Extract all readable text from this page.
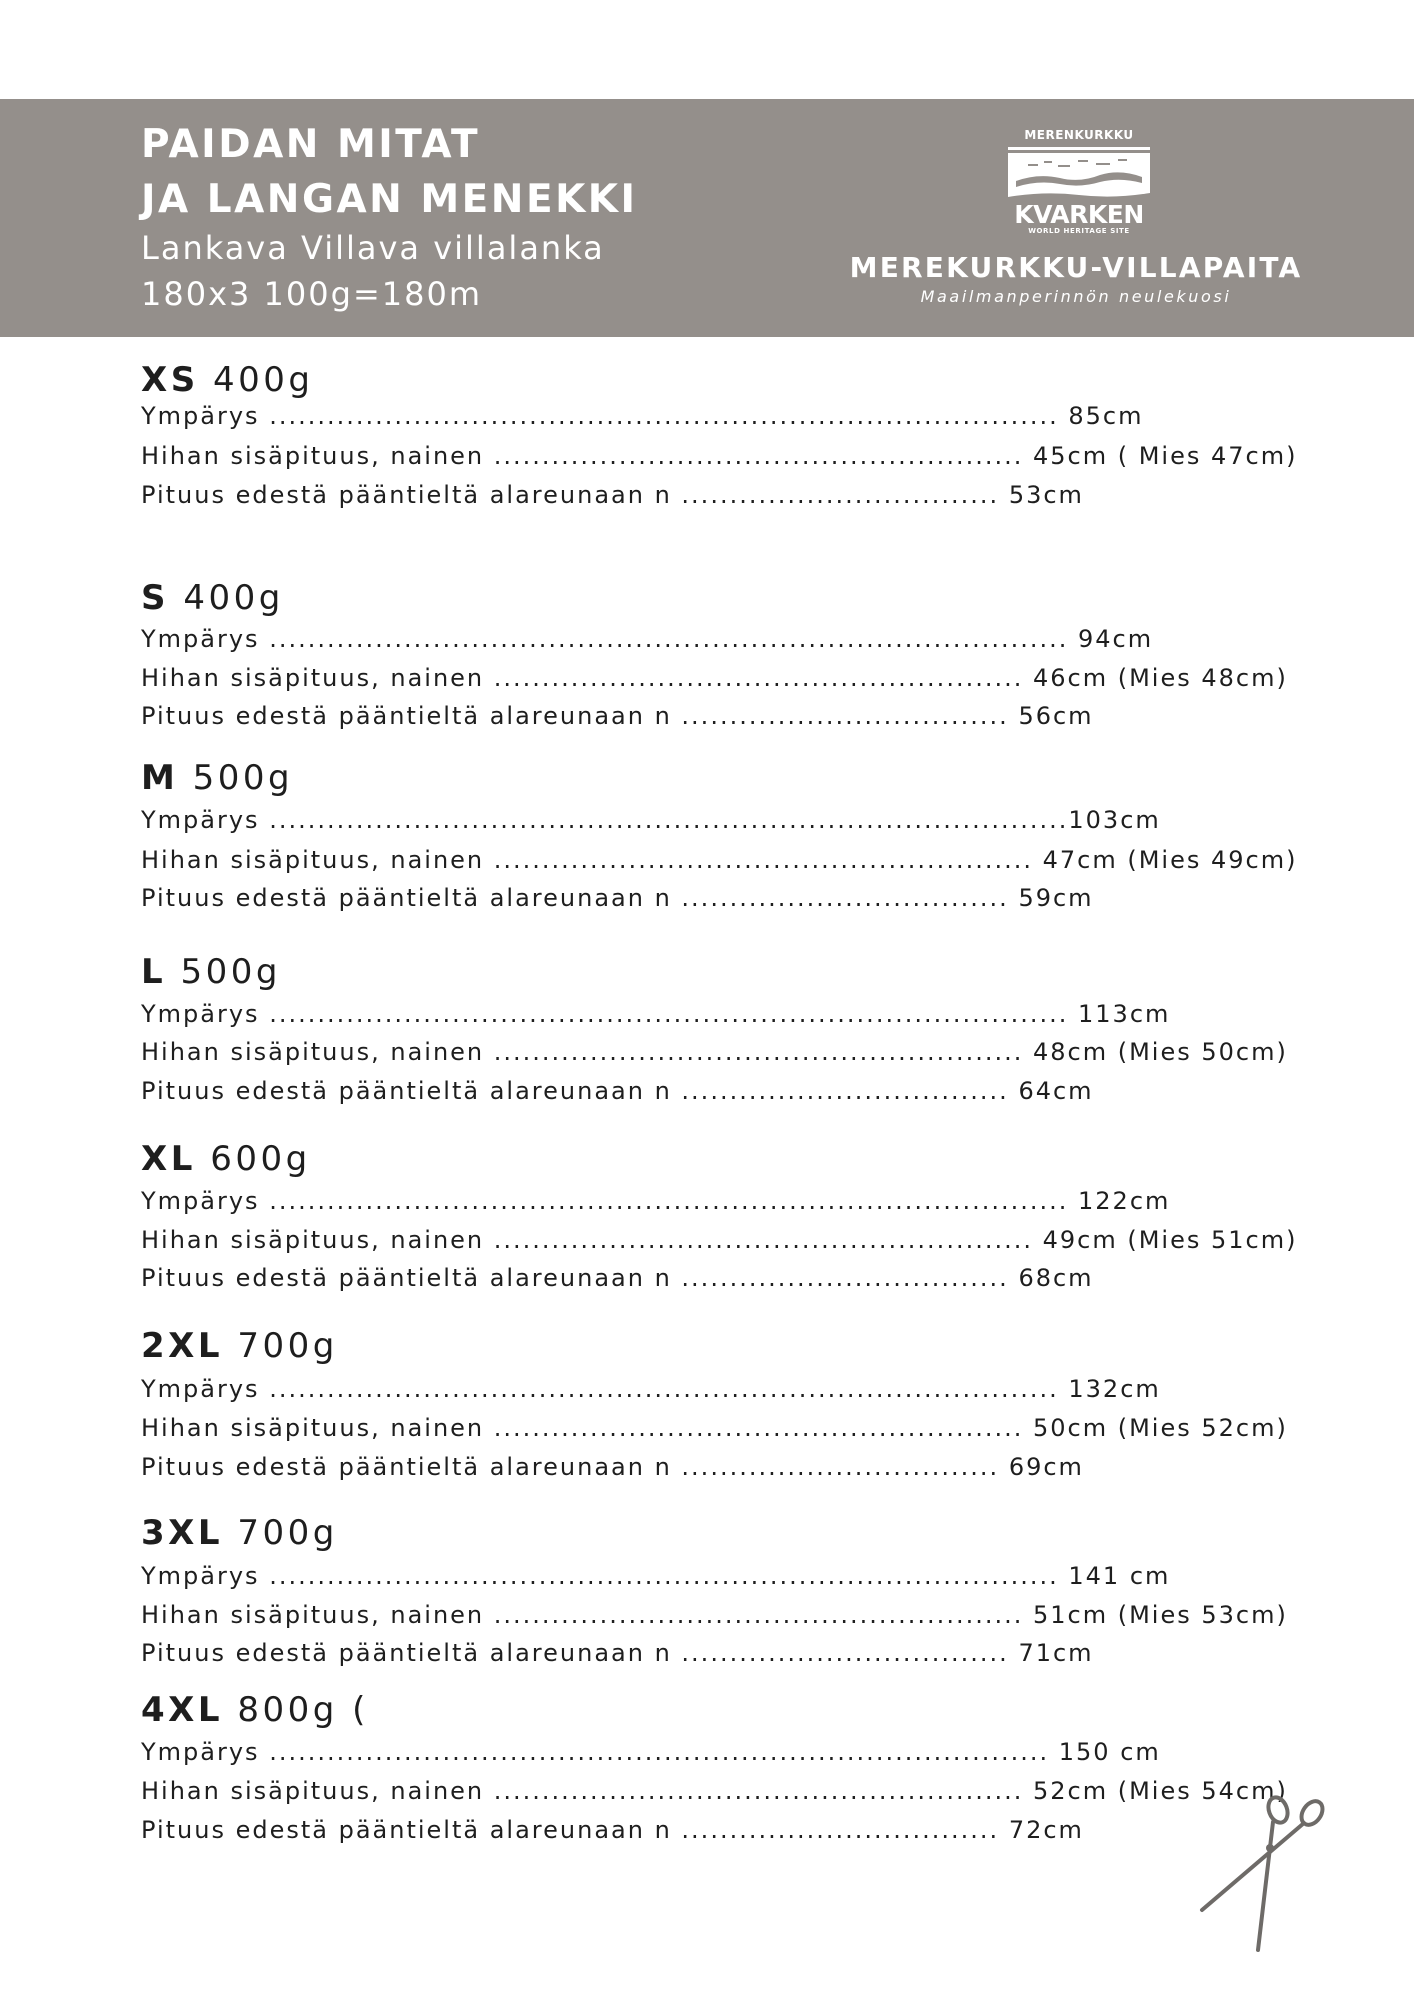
PAIDAN MITAT
JA LANGAN MENEKKI
Lankava Villava villalanka
180x3 100g=180m
MERENKURKKU
KVARKEN
WORLD HERITAGE SITE
MEREKURKKU-VILLAPAITA
Maailmanperinnön neulekuosi
XS 400g
Ympärys .................................................................................. 85cm
Hihan sisäpituus, nainen ....................................................... 45cm ( Mies 47cm)
Pituus edestä pääntieltä alareunaan n ................................. 53cm
S 400g
Ympärys ................................................................................... 94cm
Hihan sisäpituus, nainen ....................................................... 46cm (Mies 48cm)
Pituus edestä pääntieltä alareunaan n .................................. 56cm
M 500g
Ympärys ...................................................................................103cm
Hihan sisäpituus, nainen ........................................................ 47cm (Mies 49cm)
Pituus edestä pääntieltä alareunaan n .................................. 59cm
L 500g
Ympärys ................................................................................... 113cm
Hihan sisäpituus, nainen ....................................................... 48cm (Mies 50cm)
Pituus edestä pääntieltä alareunaan n .................................. 64cm
XL 600g
Ympärys ................................................................................... 122cm
Hihan sisäpituus, nainen ........................................................ 49cm (Mies 51cm)
Pituus edestä pääntieltä alareunaan n .................................. 68cm
2XL 700g
Ympärys .................................................................................. 132cm
Hihan sisäpituus, nainen ....................................................... 50cm (Mies 52cm)
Pituus edestä pääntieltä alareunaan n ................................. 69cm
3XL 700g
Ympärys .................................................................................. 141 cm
Hihan sisäpituus, nainen ....................................................... 51cm (Mies 53cm)
Pituus edestä pääntieltä alareunaan n .................................. 71cm
4XL 800g (
Ympärys ................................................................................. 150 cm
Hihan sisäpituus, nainen ....................................................... 52cm (Mies 54cm)
Pituus edestä pääntieltä alareunaan n ................................. 72cm
